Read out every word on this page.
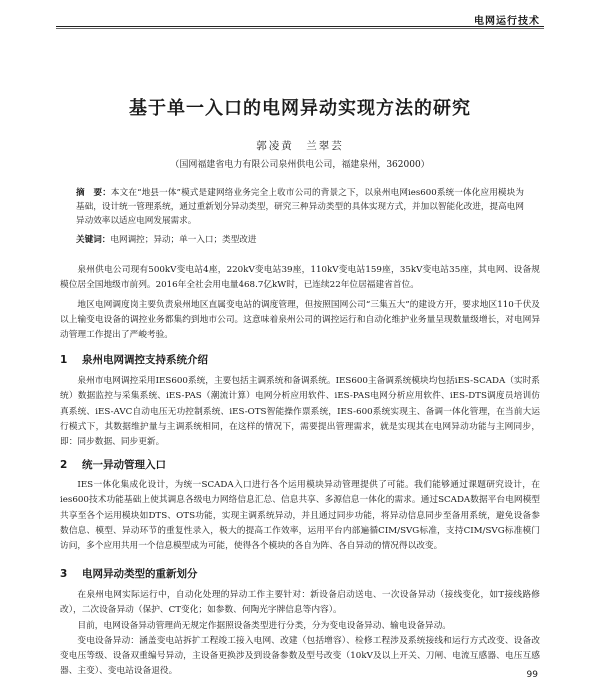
电网运行技术
基于单一入口的电网异动实现方法的研究
郭凌黄　兰翠芸
（国网福建省电力有限公司泉州供电公司，福建泉州，362000）
摘　要：本文在“地县一体”模式是建网络业务完全上收市公司的背景之下，以泉州电网ies600系统一体化应用模块为基础，设计统一管理系统，通过重新划分异动类型，研究三种异动类型的具体实现方式，并加以智能化改进，提高电网异动效率以适应电网发展需求。
关键词：电网调控；异动；单一入口；类型改进

泉州供电公司现有500kV变电站4座，220kV变电站39座，110kV变电站159座，35kV变电站35座，其电网、设备规模位居全国地级市前列。2016年全社会用电量468.7亿kW时，已连续22年位居福建省首位。

地区电网调度岗主要负责泉州地区直属变电站的调度管理，但按照国网公司“三集五大”的建设方开，要求地区110千伏及以上输变电设备的调控业务都集约到地市公司。这意味着泉州公司的调控运行和自动化维护业务量呈现数量级增长，对电网异动管理工作提出了严峻考验。

1 泉州电网调控支持系统介绍

泉州市电网调控采用IES600系统，主要包括主调系统和备调系统。IES600主备调系统模块均包括iES-SCADA（实时系统）数据监控与采集系统、iES-PAS（潮流计算）电网分析应用软件、iES-PAS电网分析应用软件、iES-DTS调度员培训仿真系统、iES-AVC自动电压无功控制系统、iES-OTS智能操作票系统，IES-600系统实现主、备调一体化管理，在当前大运行模式下，其数据维护量与主调系统相同，在这样的情况下，需要提出管理需求，就是实现其在电网异动功能与主网同步，即：同步数据、同步更新。

2 统一异动管理入口

IES一体化集成化设计，为统一SCADA入口进行各个运用模块异动管理提供了可能。我们能够通过课题研究设计，在ies600技术功能基础上使其调息各级电力网络信息汇总、信息共享、多源信息一体化的需求。通过SCADA数据平台电网模型共享至各个运用模块如DTS、OTS功能，实现主调系统异动，并且通过同步功能，将异动信息同步至备用系统，避免设备参数信息、模型、异动环节的重复性录入，极大的提高工作效率，运用平台内部遍循CIM/SVG标准，支持CIM/SVG标准模门访问，多个应用共用一个信息模型成为可能，使得各个模块的各自为阵、各自异动的情况得以改变。

3 电网异动类型的重新划分

在泉州电网实际运行中，自动化处理的异动工作主要针对：新设备启动送电、一次设备异动（接线变化，如T接线路修改），二次设备异动（保护、CT变化；如参数、何陶光字牌信息等内容）。

目前，电网设备异动管理尚无规定作据照设备类型进行分类，分为变电设备异动、输电设备异动。

变电设备异动：涵盖变电站拆扩工程竣工接入电网、改建（包括增容）、检修工程涉及系统接线和运行方式改变、设备改变电压等级、设备双重编号异动，主设备更换涉及到设备参数及型号改变（10kV及以上开关、刀闸、电流互感器、电压互感器、主变）、变电站设备退役。	99
